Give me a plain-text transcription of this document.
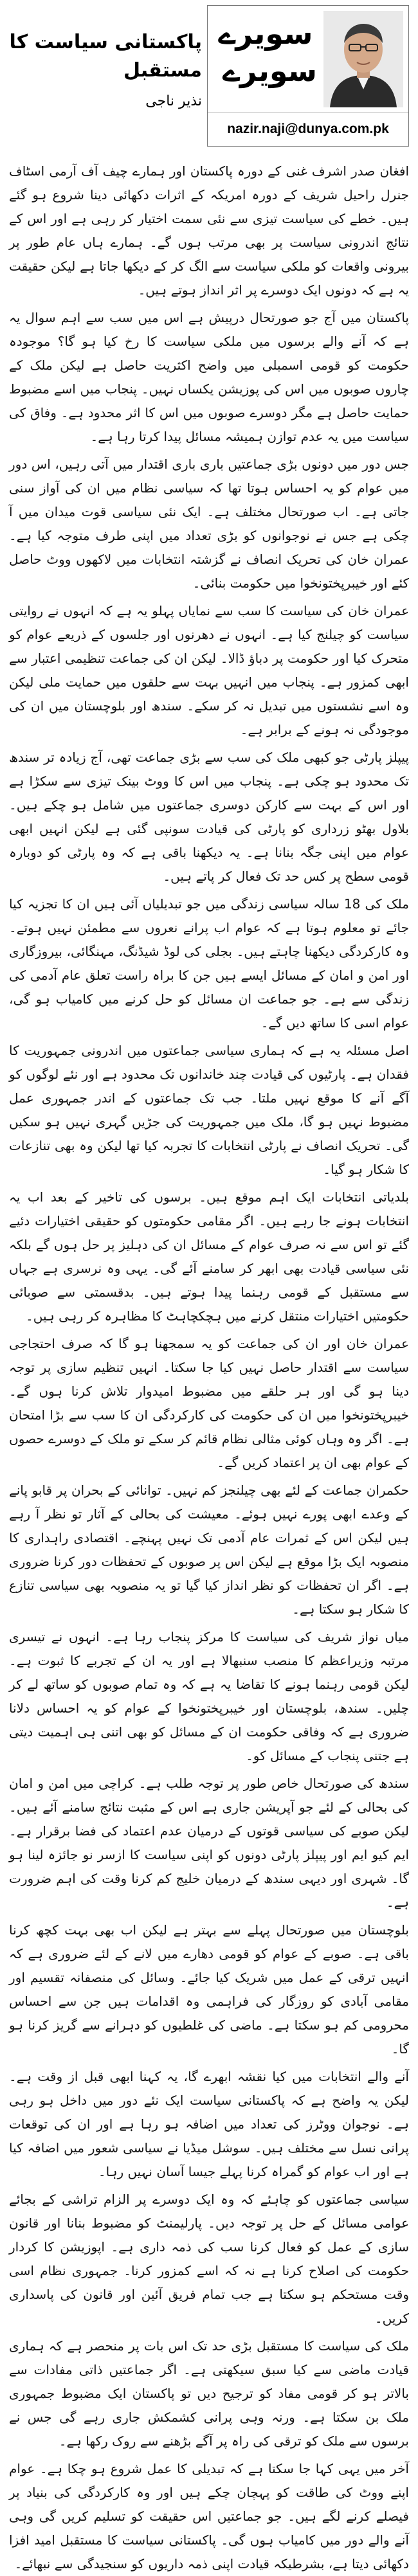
سویرے
سویرے
nazir.naji@dunya.com.pk
پاکستانی سیاست کا مستقبل

نذیر ناجی

افغان صدر اشرف غنی کے دورہ پاکستان اور ہمارے چیف آف آرمی اسٹاف جنرل راحیل شریف کے دورہ امریکہ کے اثرات دکھائی دینا شروع ہو گئے ہیں۔ خطے کی سیاست تیزی سے نئی سمت اختیار کر رہی ہے اور اس کے نتائج اندرونی سیاست پر بھی مرتب ہوں گے۔ ہمارے ہاں عام طور پر بیرونی واقعات کو ملکی سیاست سے الگ کر کے دیکھا جاتا ہے لیکن حقیقت یہ ہے کہ دونوں ایک دوسرے پر اثر انداز ہوتے ہیں۔

پاکستان میں آج جو صورتحال درپیش ہے اس میں سب سے اہم سوال یہ ہے کہ آنے والے برسوں میں ملکی سیاست کا رخ کیا ہو گا؟ موجودہ حکومت کو قومی اسمبلی میں واضح اکثریت حاصل ہے لیکن ملک کے چاروں صوبوں میں اس کی پوزیشن یکساں نہیں۔ پنجاب میں اسے مضبوط حمایت حاصل ہے مگر دوسرے صوبوں میں اس کا اثر محدود ہے۔ وفاق کی سیاست میں یہ عدم توازن ہمیشہ مسائل پیدا کرتا رہا ہے۔

جس دور میں دونوں بڑی جماعتیں باری باری اقتدار میں آتی رہیں، اس دور میں عوام کو یہ احساس ہوتا تھا کہ سیاسی نظام میں ان کی آواز سنی جاتی ہے۔ اب صورتحال مختلف ہے۔ ایک نئی سیاسی قوت میدان میں آ چکی ہے جس نے نوجوانوں کو بڑی تعداد میں اپنی طرف متوجہ کیا ہے۔ عمران خان کی تحریک انصاف نے گزشتہ انتخابات میں لاکھوں ووٹ حاصل کئے اور خیبرپختونخوا میں حکومت بنائی۔

عمران خان کی سیاست کا سب سے نمایاں پہلو یہ ہے کہ انہوں نے روایتی سیاست کو چیلنج کیا ہے۔ انہوں نے دھرنوں اور جلسوں کے ذریعے عوام کو متحرک کیا اور حکومت پر دباؤ ڈالا۔ لیکن ان کی جماعت تنظیمی اعتبار سے ابھی کمزور ہے۔ پنجاب میں انہیں بہت سے حلقوں میں حمایت ملی لیکن وہ اسے نشستوں میں تبدیل نہ کر سکے۔ سندھ اور بلوچستان میں ان کی موجودگی نہ ہونے کے برابر ہے۔

پیپلز پارٹی جو کبھی ملک کی سب سے بڑی جماعت تھی، آج زیادہ تر سندھ تک محدود ہو چکی ہے۔ پنجاب میں اس کا ووٹ بینک تیزی سے سکڑا ہے اور اس کے بہت سے کارکن دوسری جماعتوں میں شامل ہو چکے ہیں۔ بلاول بھٹو زرداری کو پارٹی کی قیادت سونپی گئی ہے لیکن انہیں ابھی عوام میں اپنی جگہ بنانا ہے۔ یہ دیکھنا باقی ہے کہ وہ پارٹی کو دوبارہ قومی سطح پر کس حد تک فعال کر پاتے ہیں۔

ملک کی 18 سالہ سیاسی زندگی میں جو تبدیلیاں آئی ہیں ان کا تجزیہ کیا جائے تو معلوم ہوتا ہے کہ عوام اب پرانے نعروں سے مطمئن نہیں ہوتے۔ وہ کارکردگی دیکھنا چاہتے ہیں۔ بجلی کی لوڈ شیڈنگ، مہنگائی، بیروزگاری اور امن و امان کے مسائل ایسے ہیں جن کا براہ راست تعلق عام آدمی کی زندگی سے ہے۔ جو جماعت ان مسائل کو حل کرنے میں کامیاب ہو گی، عوام اسی کا ساتھ دیں گے۔

اصل مسئلہ یہ ہے کہ ہماری سیاسی جماعتوں میں اندرونی جمہوریت کا فقدان ہے۔ پارٹیوں کی قیادت چند خاندانوں تک محدود ہے اور نئے لوگوں کو آگے آنے کا موقع نہیں ملتا۔ جب تک جماعتوں کے اندر جمہوری عمل مضبوط نہیں ہو گا، ملک میں جمہوریت کی جڑیں گہری نہیں ہو سکیں گی۔ تحریک انصاف نے پارٹی انتخابات کا تجربہ کیا تھا لیکن وہ بھی تنازعات کا شکار ہو گیا۔

بلدیاتی انتخابات ایک اہم موقع ہیں۔ برسوں کی تاخیر کے بعد اب یہ انتخابات ہونے جا رہے ہیں۔ اگر مقامی حکومتوں کو حقیقی اختیارات دئیے گئے تو اس سے نہ صرف عوام کے مسائل ان کی دہلیز پر حل ہوں گے بلکہ نئی سیاسی قیادت بھی ابھر کر سامنے آئے گی۔ یہی وہ نرسری ہے جہاں سے مستقبل کے قومی رہنما پیدا ہوتے ہیں۔ بدقسمتی سے صوبائی حکومتیں اختیارات منتقل کرنے میں ہچکچاہٹ کا مظاہرہ کر رہی ہیں۔

عمران خان اور ان کی جماعت کو یہ سمجھنا ہو گا کہ صرف احتجاجی سیاست سے اقتدار حاصل نہیں کیا جا سکتا۔ انہیں تنظیم سازی پر توجہ دینا ہو گی اور ہر حلقے میں مضبوط امیدوار تلاش کرنا ہوں گے۔ خیبرپختونخوا میں ان کی حکومت کی کارکردگی ان کا سب سے بڑا امتحان ہے۔ اگر وہ وہاں کوئی مثالی نظام قائم کر سکے تو ملک کے دوسرے حصوں کے عوام بھی ان پر اعتماد کریں گے۔

حکمران جماعت کے لئے بھی چیلنجز کم نہیں۔ توانائی کے بحران پر قابو پانے کے وعدے ابھی پورے نہیں ہوئے۔ معیشت کی بحالی کے آثار تو نظر آ رہے ہیں لیکن اس کے ثمرات عام آدمی تک نہیں پہنچے۔ اقتصادی راہداری کا منصوبہ ایک بڑا موقع ہے لیکن اس پر صوبوں کے تحفظات دور کرنا ضروری ہے۔ اگر ان تحفظات کو نظر انداز کیا گیا تو یہ منصوبہ بھی سیاسی تنازع کا شکار ہو سکتا ہے۔

میاں نواز شریف کی سیاست کا مرکز پنجاب رہا ہے۔ انہوں نے تیسری مرتبہ وزیراعظم کا منصب سنبھالا ہے اور یہ ان کے تجربے کا ثبوت ہے۔ لیکن قومی رہنما ہونے کا تقاضا یہ ہے کہ وہ تمام صوبوں کو ساتھ لے کر چلیں۔ سندھ، بلوچستان اور خیبرپختونخوا کے عوام کو یہ احساس دلانا ضروری ہے کہ وفاقی حکومت ان کے مسائل کو بھی اتنی ہی اہمیت دیتی ہے جتنی پنجاب کے مسائل کو۔

سندھ کی صورتحال خاص طور پر توجہ طلب ہے۔ کراچی میں امن و امان کی بحالی کے لئے جو آپریشن جاری ہے اس کے مثبت نتائج سامنے آئے ہیں۔ لیکن صوبے کی سیاسی قوتوں کے درمیان عدم اعتماد کی فضا برقرار ہے۔ ایم کیو ایم اور پیپلز پارٹی دونوں کو اپنی سیاست کا ازسر نو جائزہ لینا ہو گا۔ شہری اور دیہی سندھ کے درمیان خلیج کم کرنا وقت کی اہم ضرورت ہے۔

بلوچستان میں صورتحال پہلے سے بہتر ہے لیکن اب بھی بہت کچھ کرنا باقی ہے۔ صوبے کے عوام کو قومی دھارے میں لانے کے لئے ضروری ہے کہ انہیں ترقی کے عمل میں شریک کیا جائے۔ وسائل کی منصفانہ تقسیم اور مقامی آبادی کو روزگار کی فراہمی وہ اقدامات ہیں جن سے احساس محرومی کم ہو سکتا ہے۔ ماضی کی غلطیوں کو دہرانے سے گریز کرنا ہو گا۔

آنے والے انتخابات میں کیا نقشہ ابھرے گا، یہ کہنا ابھی قبل از وقت ہے۔ لیکن یہ واضح ہے کہ پاکستانی سیاست ایک نئے دور میں داخل ہو رہی ہے۔ نوجوان ووٹرز کی تعداد میں اضافہ ہو رہا ہے اور ان کی توقعات پرانی نسل سے مختلف ہیں۔ سوشل میڈیا نے سیاسی شعور میں اضافہ کیا ہے اور اب عوام کو گمراہ کرنا پہلے جیسا آسان نہیں رہا۔

سیاسی جماعتوں کو چاہئے کہ وہ ایک دوسرے پر الزام تراشی کے بجائے عوامی مسائل کے حل پر توجہ دیں۔ پارلیمنٹ کو مضبوط بنانا اور قانون سازی کے عمل کو فعال کرنا سب کی ذمہ داری ہے۔ اپوزیشن کا کردار حکومت کی اصلاح کرنا ہے نہ کہ اسے کمزور کرنا۔ جمہوری نظام اسی وقت مستحکم ہو سکتا ہے جب تمام فریق آئین اور قانون کی پاسداری کریں۔

ملک کی سیاست کا مستقبل بڑی حد تک اس بات پر منحصر ہے کہ ہماری قیادت ماضی سے کیا سبق سیکھتی ہے۔ اگر جماعتیں ذاتی مفادات سے بالاتر ہو کر قومی مفاد کو ترجیح دیں تو پاکستان ایک مضبوط جمہوری ملک بن سکتا ہے۔ ورنہ وہی پرانی کشمکش جاری رہے گی جس نے برسوں سے ملک کو ترقی کی راہ پر آگے بڑھنے سے روک رکھا ہے۔

آخر میں یہی کہا جا سکتا ہے کہ تبدیلی کا عمل شروع ہو چکا ہے۔ عوام اپنے ووٹ کی طاقت کو پہچان چکے ہیں اور وہ کارکردگی کی بنیاد پر فیصلے کرنے لگے ہیں۔ جو جماعتیں اس حقیقت کو تسلیم کریں گی وہی آنے والے دور میں کامیاب ہوں گی۔ پاکستانی سیاست کا مستقبل امید افزا دکھائی دیتا ہے، بشرطیکہ قیادت اپنی ذمہ داریوں کو سنجیدگی سے نبھائے۔
